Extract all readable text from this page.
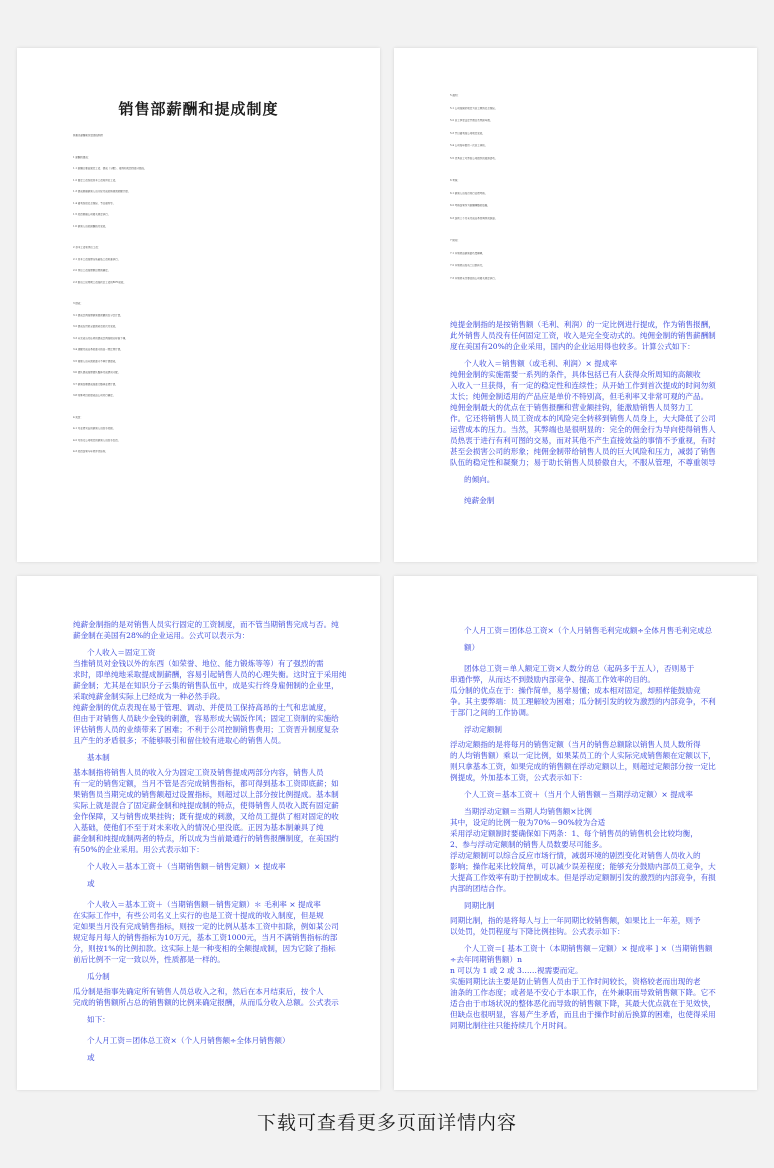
销售部薪酬和提成制度
销售员薪酬和奖罚提成制度
1 薪酬的组成：
1.1 薪酬主要由固定工资、提成（分配）、福利和奖罚四部分组成。
1.2 固定工资包括基本工资和岗位工资。
1.3 提成根据销售人员实际完成的销售回款额计提。
1.4 福利包括社会保险、节日福利等。
1.5 奖罚根据公司相关规定执行。
1.6 销售人员的薪酬按月发放。
2 基本工资和岗位工资：
2.1 基本工资按照当地最低工资标准执行。
2.2 岗位工资按照职位级别确定。
2.3 新员工试用期工资按转正工资的80%发放。
3 提成：
3.1 提成比例按照销售回款额的百分比计算。
3.2 提成在货款全部回收后的次月发放。
3.3 未完成当月任务的提成比例按相应标准下调。
3.4 超额完成任务的部分按高一级比例计提。
3.5 离职人员未回款部分不再计提提成。
3.6 团队提成按照团队整体完成情况分配。
3.7 销售经理提成按部门整体业绩计提。
3.8 特殊项目的提成由公司另行确定。
4 奖罚：
4.1 对业绩突出的销售人员给予奖励。
4.2 对违反公司规定的销售人员给予处罚。
4.3 奖罚结果与年度评优挂钩。
5 福利：
5.1 公司按国家规定为员工缴纳社会保险。
5.2 员工享受法定节假日及带薪年假。
5.3 节日福利按公司规定发放。
5.4 公司每年组织一次员工体检。
5.5 优秀员工可参加公司组织的旅游活动。
6 考核：
6.1 销售人员每月进行业绩考核。
6.2 考核结果作为薪酬调整的依据。
6.3 连续三个月未完成任务者调岗或辞退。
7 附则：
7.1 本制度由销售部负责解释。
7.2 本制度自发布之日起执行。
7.3 本制度未尽事宜按公司相关规定执行。
纯提金制指的是按销售额（毛利、利润）的一定比例进行提成，作为销售报酬，
此外销售人员没有任何固定工资，收入是完全变动式的。纯佣金制的销售薪酬制
度在美国有20%的企业采用，国内的企业运用得也较多。计算公式如下：
个人收入＝销售额（或毛利、利润）× 提成率
纯佣金制的实施需要一系列的条件，具体包括已有人获得众所周知的高额收
入收入一旦获得，有一定的稳定性和连续性；从开始工作到首次提成的时间勿须
太长；纯佣金制适用的产品应是单价不特别高，但毛利率又非常可观的产品。
纯佣金制最大的优点在于销售报酬和营业额挂钩，能激励销售人员努力工
作。它还将销售人员工资成本的风险完全转移到销售人员身上，大大降低了公司
运营成本的压力。当然，其弊端也是很明显的：完全的佣金行为导向使得销售人
员热衷于进行有利可图的交易，而对其他不产生直接效益的事情不予重视，有时
甚至会损害公司的形象；纯佣金制带给销售人员的巨大风险和压力，减弱了销售
队伍的稳定性和凝聚力；易于助长销售人员骄傲自大，不服从管理，不尊重领导
的倾向。
纯薪金制
纯薪金制指的是对销售人员实行固定的工资制度，而不管当期销售完成与否。纯
薪金制在美国有28%的企业运用。公式可以表示为：
个人收入＝固定工资
当推销员对金钱以外的东西（如荣誉、地位、能力锻炼等等）有了强烈的需
求时，即单纯地采取提成制薪酬，容易引起销售人员的心理失衡。这时宜于采用纯
薪金制；尤其是在知识分子云集的销售队伍中，成是实行终身雇佣制的企业里，
采取纯薪金制实际上已经成为一种必然手段。
纯薪金制的优点表现在易于管理、调动、并使员工保持高昂的士气和忠诚度，
但由于对销售人员缺少金钱的刺激，容易形成大锅饭作风；固定工资制的实施给
评估销售人员的业绩带来了困难；不利于公司控制销售费用；工资晋升制度复杂
且产生的矛盾很多；不能够吸引和留住较有进取心的销售人员。
基本制
基本制指将销售人员的收入分为固定工资及销售提成两部分内容，销售人员
有一定的销售定额，当月不管是否完成销售指标，都可得到基本工资即底薪；如
果销售员当期完成的销售额超过设置指标，则超过以上部分按比例提成。基本制
实际上就是混合了固定薪金制和纯提成制的特点，使得销售人员收入既有固定薪
金作保障，又与销售成果挂钩；既有提成的刺激，又给员工提供了相对固定的收
入基础，使他们不至于对未来收入的情况心里没底。正因为基本制兼具了纯
薪金制和纯提成制两者的特点，所以成为当前最通行的销售报酬制度，在美国约
有50%的企业采用。用公式表示如下：
个人收入＝基本工资＋（当期销售额－销售定额）× 提成率
或
个人收入＝基本工资＋（当期销售额－销售定额）＊ 毛利率 × 提成率
在实际工作中，有些公司名义上实行的也是工资十提成的收入制度，但是规
定如果当月没有完成销售指标，则按一定的比例从基本工资中扣除，例如某公司
规定每月每人的销售指标为10万元，基本工资1000元，当月不满销售指标的部
分，则按1%的比例扣款。这实际上是一种变相的全额提成制，因为它除了指标
前后比例不一定一致以外，性质都是一样的。
瓜分制
瓜分制是指事先确定所有销售人员总收入之和，然后在本月结束后，按个人
完成的销售额所占总的销售额的比例来确定报酬，从而瓜分收入总额。公式表示
如下：
个人月工资＝团体总工资×（个人月销售额÷全体月销售额）
或
个人月工资＝团体总工资×（个人月销售毛利完成额÷全体月售毛利完成总
额）
团体总工资＝单人额定工资×人数分的总（起码多于五人），否则易于
串通作弊，从而达不到鼓励内部竞争、提高工作效率的目的。
瓜分制的优点在于：操作简单，易学易懂；成本相对固定，却照样能鼓励竞
争。其主要弊端：员工理解较为困难；瓜分制引发的较为激烈的内部竞争，不利
于部门之间的工作协调。
浮动定额制
浮动定额指的是将每月的销售定额（当月的销售总额除以销售人员人数所得
的人均销售额）乘以一定比例，如果某员工的个人实际完成销售额在定额以下，
则只拿基本工资，如果完成的销售额在浮动定额以上，则超过定额部分按一定比
例提成，外加基本工资，公式表示如下：
个人工资＝基本工资＋（当月个人销售额－当期浮动定额）× 提成率
当期浮动定额＝当期人均销售额×比例
其中，设定的比例一般为70%－90%较为合适
采用浮动定额制时要确保如下两条：1、每个销售员的销售机会比较均衡，
2、参与浮动定额制的销售人员数要尽可能多。
浮动定额制可以综合反应市场行情，减弱环境的剧烈变化对销售人员收入的
影响；操作起来比较简单，可以减少误差程度；能够充分鼓励内部员工竞争，大
大提高工作效率有助于控制成本。但是浮动定额制引发的激烈的内部竞争，有损
内部的团结合作。
同期比制
同期比制，指的是将每人与上一年同期比较销售额，如果比上一年差，则予
以处罚，处罚程度与下降比例挂钩。公式表示如下：
个人工资＝[ 基本工资十（本期销售额－定额）× 提成率 ] ×（当期销售额
÷去年同期销售额）n
n 可以为 1 或 2 或 3……视需要而定。
实施同期比法主要是防止销售人员由于工作时间较长，资格较老而出现的老
油条的工作态度；或者是不安心于本职工作，在外兼职而导致销售额下降。它不
适合由于市场状况的整体恶化而导致的销售额下降，其最大优点就在于见效快，
但缺点也很明显，容易产生矛盾，而且由于操作时前后换算的困难，也使得采用
同期比制往往只能持续几个月时间。
下载可查看更多页面详情内容
